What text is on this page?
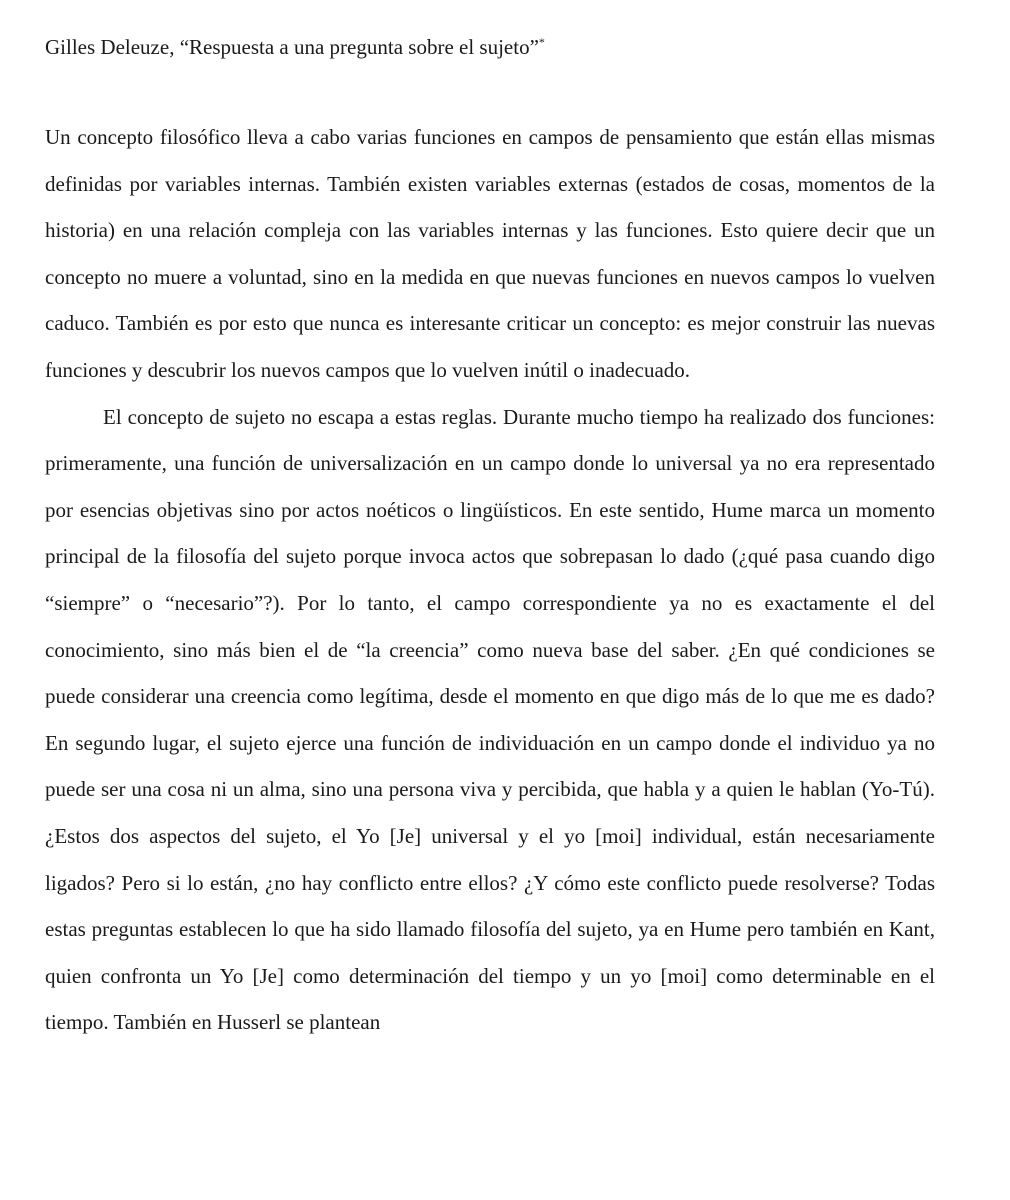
Gilles Deleuze, “Respuesta a una pregunta sobre el sujeto”*

Un concepto filosófico lleva a cabo varias funciones en campos de pensamiento que están ellas mismas definidas por variables internas. También existen variables externas (estados de cosas, momentos de la historia) en una relación compleja con las variables internas y las funciones. Esto quiere decir que un concepto no muere a voluntad, sino en la medida en que nuevas funciones en nuevos campos lo vuelven caduco. También es por esto que nunca es interesante criticar un concepto: es mejor construir las nuevas funciones y descubrir los nuevos campos que lo vuelven inútil o inadecuado.

El concepto de sujeto no escapa a estas reglas. Durante mucho tiempo ha realizado dos funciones: primeramente, una función de universalización en un campo donde lo universal ya no era representado por esencias objetivas sino por actos noéticos o lingüísticos. En este sentido, Hume marca un momento principal de la filosofía del sujeto porque invoca actos que sobrepasan lo dado (¿qué pasa cuando digo “siempre” o “necesario”?). Por lo tanto, el campo correspondiente ya no es exactamente el del conocimiento, sino más bien el de “la creencia” como nueva base del saber. ¿En qué condiciones se puede considerar una creencia como legítima, desde el momento en que digo más de lo que me es dado? En segundo lugar, el sujeto ejerce una función de individuación en un campo donde el individuo ya no puede ser una cosa ni un alma, sino una persona viva y percibida, que habla y a quien le hablan (Yo-Tú). ¿Estos dos aspectos del sujeto, el Yo [Je] universal y el yo [moi] individual, están necesariamente ligados? Pero si lo están, ¿no hay conflicto entre ellos? ¿Y cómo este conflicto puede resolverse? Todas estas preguntas establecen lo que ha sido llamado filosofía del sujeto, ya en Hume pero también en Kant, quien confronta un Yo [Je] como determinación del tiempo y un yo [moi] como determinable en el tiempo. También en Husserl se plantean
